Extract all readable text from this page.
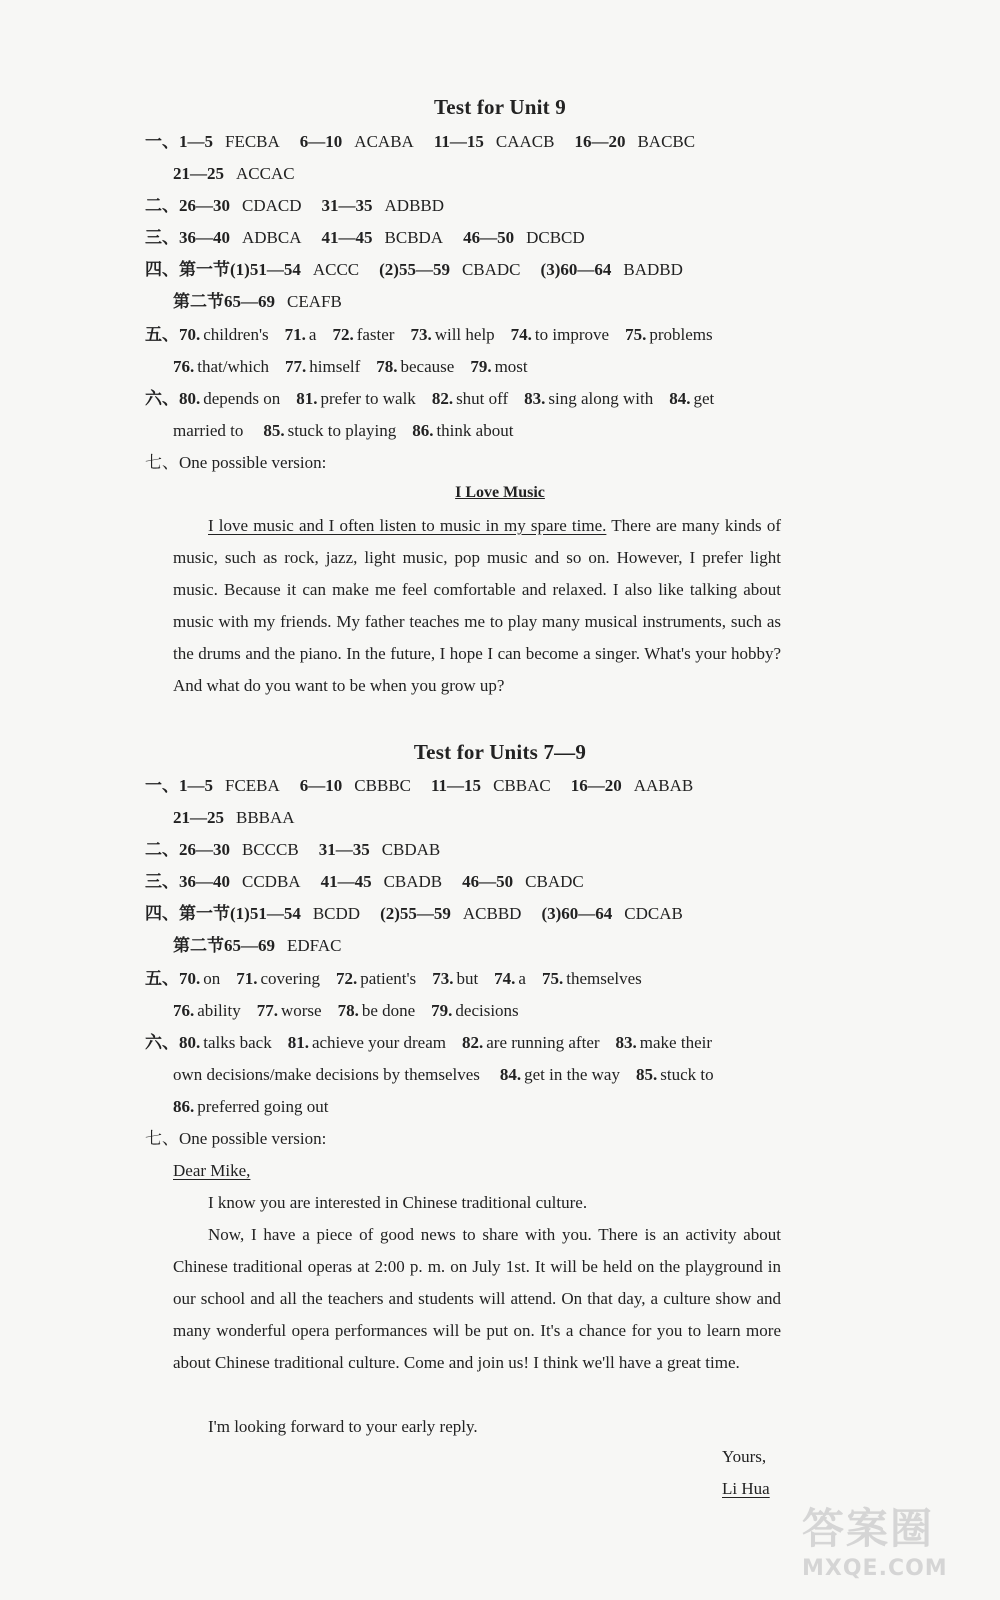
Test for Unit 9
一、1—5 FECBA 6—10 ACABA 11—15 CAACB 16—20 BACBC
21—25 ACCAC
二、26—30 CDACD 31—35 ADBBD
三、36—40 ADBCA 41—45 BCBDA 46—50 DCBCD
四、第一节(1)51—54 ACCC (2)55—59 CBADC (3)60—64 BADBD
第二节65—69 CEAFB
五、70. children's 71. a 72. faster 73. will help 74. to improve 75. problems
76. that/which 77. himself 78. because 79. most
六、80. depends on 81. prefer to walk 82. shut off 83. sing along with 84. get
married to 85. stuck to playing 86. think about
七、One possible version:
I Love Music
I love music and I often listen to music in my spare time. There are many kinds of music, such as rock, jazz, light music, pop music and so on. However, I prefer light music. Because it can make me feel comfortable and relaxed. I also like talking about music with my friends. My father teaches me to play many musical instruments, such as the drums and the piano. In the future, I hope I can become a singer. What's your hobby? And what do you want to be when you grow up?
Test for Units 7—9
一、1—5 FCEBA 6—10 CBBBC 11—15 CBBAC 16—20 AABAB
21—25 BBBAA
二、26—30 BCCCB 31—35 CBDAB
三、36—40 CCDBA 41—45 CBADB 46—50 CBADC
四、第一节(1)51—54 BCDD (2)55—59 ACBBD (3)60—64 CDCAB
第二节65—69 EDFAC
五、70. on 71. covering 72. patient's 73. but 74. a 75. themselves
76. ability 77. worse 78. be done 79. decisions
六、80. talks back 81. achieve your dream 82. are running after 83. make their
own decisions/make decisions by themselves 84. get in the way 85. stuck to
86. preferred going out
七、One possible version:
Dear Mike,
I know you are interested in Chinese traditional culture.
Now, I have a piece of good news to share with you. There is an activity about Chinese traditional operas at 2:00 p. m. on July 1st. It will be held on the playground in our school and all the teachers and students will attend. On that day, a culture show and many wonderful opera performances will be put on. It's a chance for you to learn more about Chinese traditional culture. Come and join us! I think we'll have a great time.
I'm looking forward to your early reply.
Yours,
Li Hua
答案圈
MXQE.COM
